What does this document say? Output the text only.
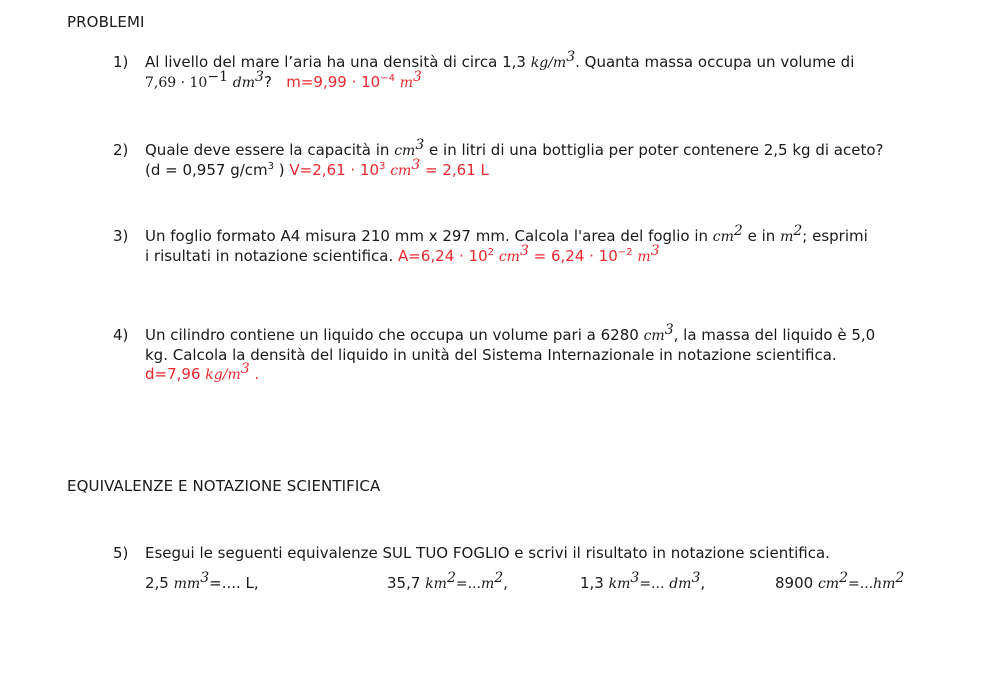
PROBLEMI
1) Al livello del mare l’aria ha una densità di circa 1,3 $kg/m^3$. Quanta massa occupa un volume di
$7,69 \cdot 10^{-1}$ $dm^3$? $m=9,99 \cdot 10^{-4}$ $m^3$
2) Quale deve essere la capacità in $cm^3$ e in litri di una bottiglia per poter contenere 2,5 kg di aceto?
(d = 0,957 $g/cm^3$ ) $V=2,61 \cdot 10^3$ $cm^3 = 2,61$ L
3) Un foglio formato A4 misura 210 mm x 297 mm. Calcola l'area del foglio in $cm^2$ e in $m^2$; esprimi
i risultati in notazione scientifica. $A=6,24 \cdot 10^2$ $cm^3 = 6,24 \cdot 10^{-2}$ $m^3$
4) Un cilindro contiene un liquido che occupa un volume pari a 6280 $cm^3$, la massa del liquido è 5,0
kg. Calcola la densità del liquido in unità del Sistema Internazionale in notazione scientifica.
d=7,96 $kg/m^3$ .
EQUIVALENZE E NOTAZIONE SCIENTIFICA
5) Esegui le seguenti equivalenze SUL TUO FOGLIO e scrivi il risultato in notazione scientifica.
2,5 $mm^3=$.... L,	35,7 $km^2=...m^2$,	1,3 $km^3=$... $dm^3$,	8900 $cm^2=...hm^2$
